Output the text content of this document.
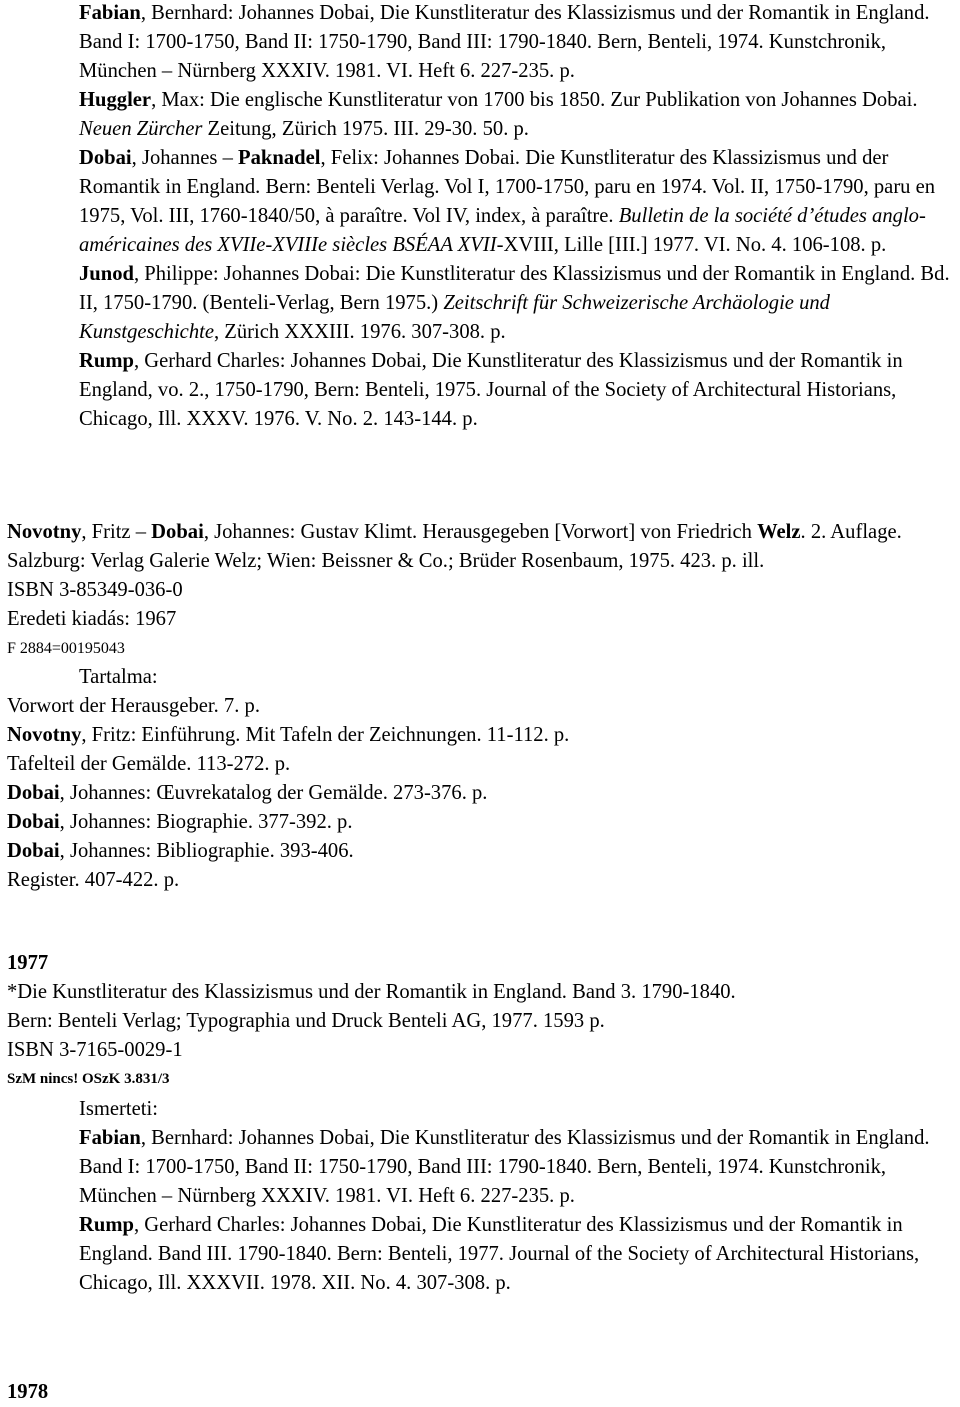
Fabian, Bernhard: Johannes Dobai, Die Kunstliteratur des Klassizismus und der Romantik in England. Band I: 1700-1750, Band II: 1750-1790, Band III: 1790-1840. Bern, Benteli, 1974. Kunstchronik, München – Nürnberg XXXIV. 1981. VI. Heft 6. 227-235. p.

Huggler, Max: Die englische Kunstliteratur von 1700 bis 1850. Zur Publikation von Johannes Dobai. Neuen Zürcher Zeitung, Zürich 1975. III. 29-30. 50. p.

Dobai, Johannes – Paknadel, Felix: Johannes Dobai. Die Kunstliteratur des Klassizismus und der Romantik in England. Bern: Benteli Verlag. Vol I, 1700-1750, paru en 1974. Vol. II, 1750-1790, paru en 1975, Vol. III, 1760-1840/50, à paraître. Vol IV, index, à paraître. Bulletin de la société d’études anglo-américaines des XVIIe-XVIIIe siècles BSÉAA XVII-XVIII, Lille [III.] 1977. VI. No. 4. 106-108. p.

Junod, Philippe: Johannes Dobai: Die Kunstliteratur des Klassizismus und der Romantik in England. Bd. II, 1750-1790. (Benteli-Verlag, Bern 1975.) Zeitschrift für Schweizerische Archäologie und Kunstgeschichte, Zürich XXXIII. 1976. 307-308. p.

Rump, Gerhard Charles: Johannes Dobai, Die Kunstliteratur des Klassizismus und der Romantik in England, vo. 2., 1750-1790, Bern: Benteli, 1975. Journal of the Society of Architectural Historians, Chicago, Ill. XXXV. 1976. V. No. 2. 143-144. p.

Novotny, Fritz – Dobai, Johannes: Gustav Klimt. Herausgegeben [Vorwort] von Friedrich Welz. 2. Auflage. Salzburg: Verlag Galerie Welz; Wien: Beissner & Co.; Brüder Rosenbaum, 1975. 423. p. ill.

ISBN 3-85349-036-0

Eredeti kiadás: 1967

F 2884=00195043

Tartalma:

Vorwort der Herausgeber. 7. p.

Novotny, Fritz: Einführung. Mit Tafeln der Zeichnungen. 11-112. p.

Tafelteil der Gemälde. 113-272. p.

Dobai, Johannes: Œuvrekatalog der Gemälde. 273-376. p.

Dobai, Johannes: Biographie. 377-392. p.

Dobai, Johannes: Bibliographie. 393-406.

Register. 407-422. p.

1977

*Die Kunstliteratur des Klassizismus und der Romantik in England. Band 3. 1790-1840.

Bern: Benteli Verlag; Typographia und Druck Benteli AG, 1977. 1593 p.

ISBN 3-7165-0029-1

SzM nincs! OSzK 3.831/3

Ismerteti:

Fabian, Bernhard: Johannes Dobai, Die Kunstliteratur des Klassizismus und der Romantik in England. Band I: 1700-1750, Band II: 1750-1790, Band III: 1790-1840. Bern, Benteli, 1974. Kunstchronik, München – Nürnberg XXXIV. 1981. VI. Heft 6. 227-235. p.

Rump, Gerhard Charles: Johannes Dobai, Die Kunstliteratur des Klassizismus und der Romantik in England. Band III. 1790-1840. Bern: Benteli, 1977. Journal of the Society of Architectural Historians, Chicago, Ill. XXXVII. 1978. XII. No. 4. 307-308. p.

1978
